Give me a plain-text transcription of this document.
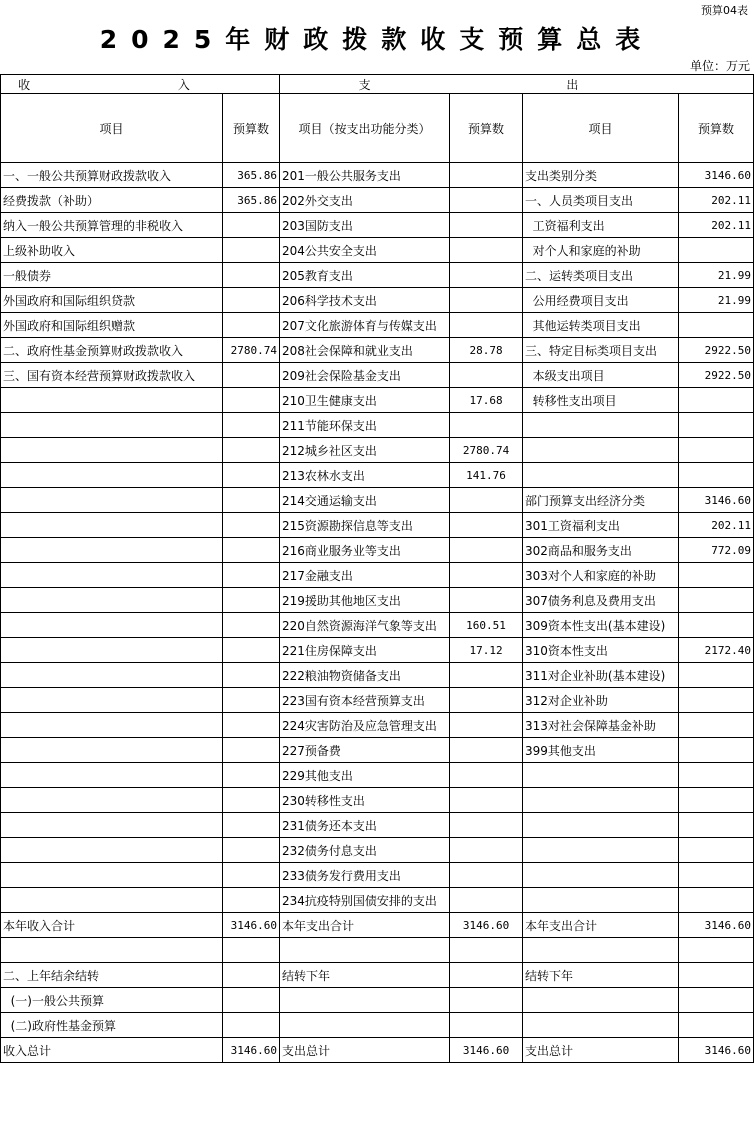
预算04表
2025年财政拨款收支预算总表
单位：万元
收 入		支 出			
项目	预算数	项目（按支出功能分类）	预算数	项目	预算数
一、一般公共预算财政拨款收入	365.86	201一般公共服务支出		支出类别分类	3146.60
经费拨款（补助）	365.86	202外交支出		一、人员类项目支出	202.11
纳入一般公共预算管理的非税收入		203国防支出		工资福利支出	202.11
上级补助收入		204公共安全支出		对个人和家庭的补助	
一般债券		205教育支出		二、运转类项目支出	21.99
外国政府和国际组织贷款		206科学技术支出		公用经费项目支出	21.99
外国政府和国际组织赠款		207文化旅游体育与传媒支出		其他运转类项目支出	
二、政府性基金预算财政拨款收入	2780.74	208社会保障和就业支出	28.78	三、特定目标类项目支出	2922.50
三、国有资本经营预算财政拨款收入		209社会保险基金支出		本级支出项目	2922.50
		210卫生健康支出	17.68	转移性支出项目	
		211节能环保支出			
		212城乡社区支出	2780.74		
		213农林水支出	141.76		
		214交通运输支出		部门预算支出经济分类	3146.60
		215资源勘探信息等支出		301工资福利支出	202.11
		216商业服务业等支出		302商品和服务支出	772.09
		217金融支出		303对个人和家庭的补助	
		219援助其他地区支出		307债务利息及费用支出	
		220自然资源海洋气象等支出	160.51	309资本性支出(基本建设)	
		221住房保障支出	17.12	310资本性支出	2172.40
		222粮油物资储备支出		311对企业补助(基本建设)	
		223国有资本经营预算支出		312对企业补助	
		224灾害防治及应急管理支出		313对社会保障基金补助	
		227预备费		399其他支出	
		229其他支出			
		230转移性支出			
		231债务还本支出			
		232债务付息支出			
		233债务发行费用支出			
		234抗疫特别国债安排的支出			
本年收入合计	3146.60	本年支出合计	3146.60	本年支出合计	3146.60

二、上年结余结转		结转下年		结转下年	
(一)一般公共预算					
(二)政府性基金预算					
收入总计	3146.60	支出总计	3146.60	支出总计	3146.60
